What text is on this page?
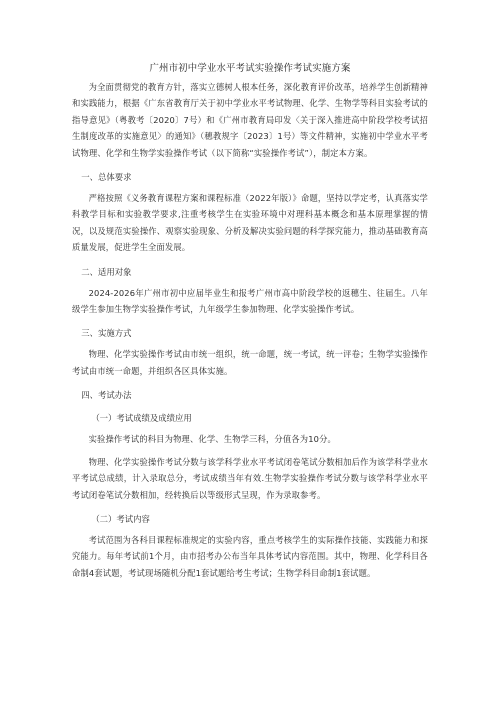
广州市初中学业水平考试实验操作考试实施方案

为全面贯彻党的教育方针，落实立德树人根本任务，深化教育评价改革，培养学生创新精神和实践能力，根据《广东省教育厅关于初中学业水平考试物理、化学、生物学等科目实验考试的指导意见》（粤教考〔2020〕7号）和《广州市教育局印发〈关于深入推进高中阶段学校考试招生制度改革的实施意见〉的通知》（穗教规字〔2023〕1号）等文件精神，实施初中学业水平考试物理、化学和生物学实验操作考试（以下简称“实验操作考试”），制定本方案。

一、总体要求

严格按照《义务教育课程方案和课程标准（2022年版）》命题，坚持以学定考，认真落实学科教学目标和实验教学要求,注重考核学生在实验环境中对理科基本概念和基本原理掌握的情况，以及规范实验操作、观察实验现象、分析及解决实验问题的科学探究能力，推动基础教育高质量发展，促进学生全面发展。

二、适用对象

2024-2026年广州市初中应届毕业生和报考广州市高中阶段学校的返穗生、往届生。八年级学生参加生物学实验操作考试，九年级学生参加物理、化学实验操作考试。

三、实施方式

物理、化学实验操作考试由市统一组织，统一命题，统一考试，统一评卷；生物学实验操作考试由市统一命题，并组织各区具体实施。

四、考试办法
（一）考试成绩及成绩应用

实验操作考试的科目为物理、化学、生物学三科，分值各为10分。

物理、化学实验操作考试分数与该学科学业水平考试闭卷笔试分数相加后作为该学科学业水平考试总成绩，计入录取总分，考试成绩当年有效.生物学实验操作考试分数与该学科学业水平考试闭卷笔试分数相加，经转换后以等级形式呈现，作为录取参考。

（二）考试内容

考试范围为各科目课程标准规定的实验内容，重点考核学生的实际操作技能、实践能力和探究能力。每年考试前1个月，由市招考办公布当年具体考试内容范围。其中，物理、化学科目各命制4套试题，考试现场随机分配1套试题给考生考试；生物学科目命制1套试题。
